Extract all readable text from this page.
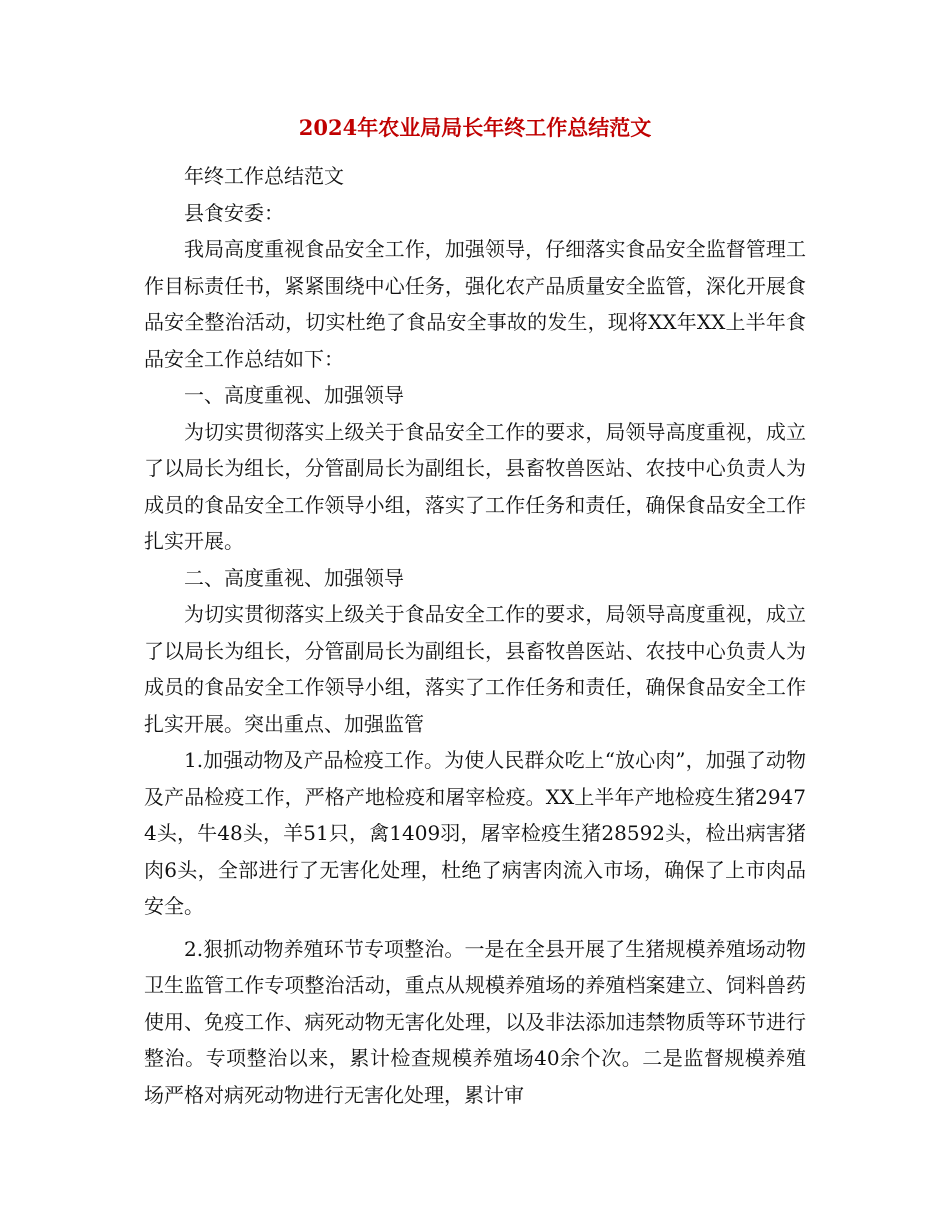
2024年农业局局长年终工作总结范文

年终工作总结范文

县食安委：

我局高度重视食品安全工作，加强领导，仔细落实食品安全监督管理工作目标责任书，紧紧围绕中心任务，强化农产品质量安全监管，深化开展食品安全整治活动，切实杜绝了食品安全事故的发生，现将XX年XX上半年食品安全工作总结如下：

一、高度重视、加强领导

为切实贯彻落实上级关于食品安全工作的要求，局领导高度重视，成立了以局长为组长，分管副局长为副组长，县畜牧兽医站、农技中心负责人为成员的食品安全工作领导小组，落实了工作任务和责任，确保食品安全工作扎实开展。

二、高度重视、加强领导

为切实贯彻落实上级关于食品安全工作的要求，局领导高度重视，成立了以局长为组长，分管副局长为副组长，县畜牧兽医站、农技中心负责人为成员的食品安全工作领导小组，落实了工作任务和责任，确保食品安全工作扎实开展。突出重点、加强监管

1.加强动物及产品检疫工作。为使人民群众吃上“放心肉”，加强了动物及产品检疫工作，严格产地检疫和屠宰检疫。XX上半年产地检疫生猪29474头，牛48头，羊51只，禽1409羽，屠宰检疫生猪28592头，检出病害猪肉6头，全部进行了无害化处理，杜绝了病害肉流入市场，确保了上市肉品安全。

2.狠抓动物养殖环节专项整治。一是在全县开展了生猪规模养殖场动物卫生监管工作专项整治活动，重点从规模养殖场的养殖档案建立、饲料兽药使用、免疫工作、病死动物无害化处理，以及非法添加违禁物质等环节进行整治。专项整治以来，累计检查规模养殖场40余个次。二是监督规模养殖场严格对病死动物进行无害化处理，累计审
